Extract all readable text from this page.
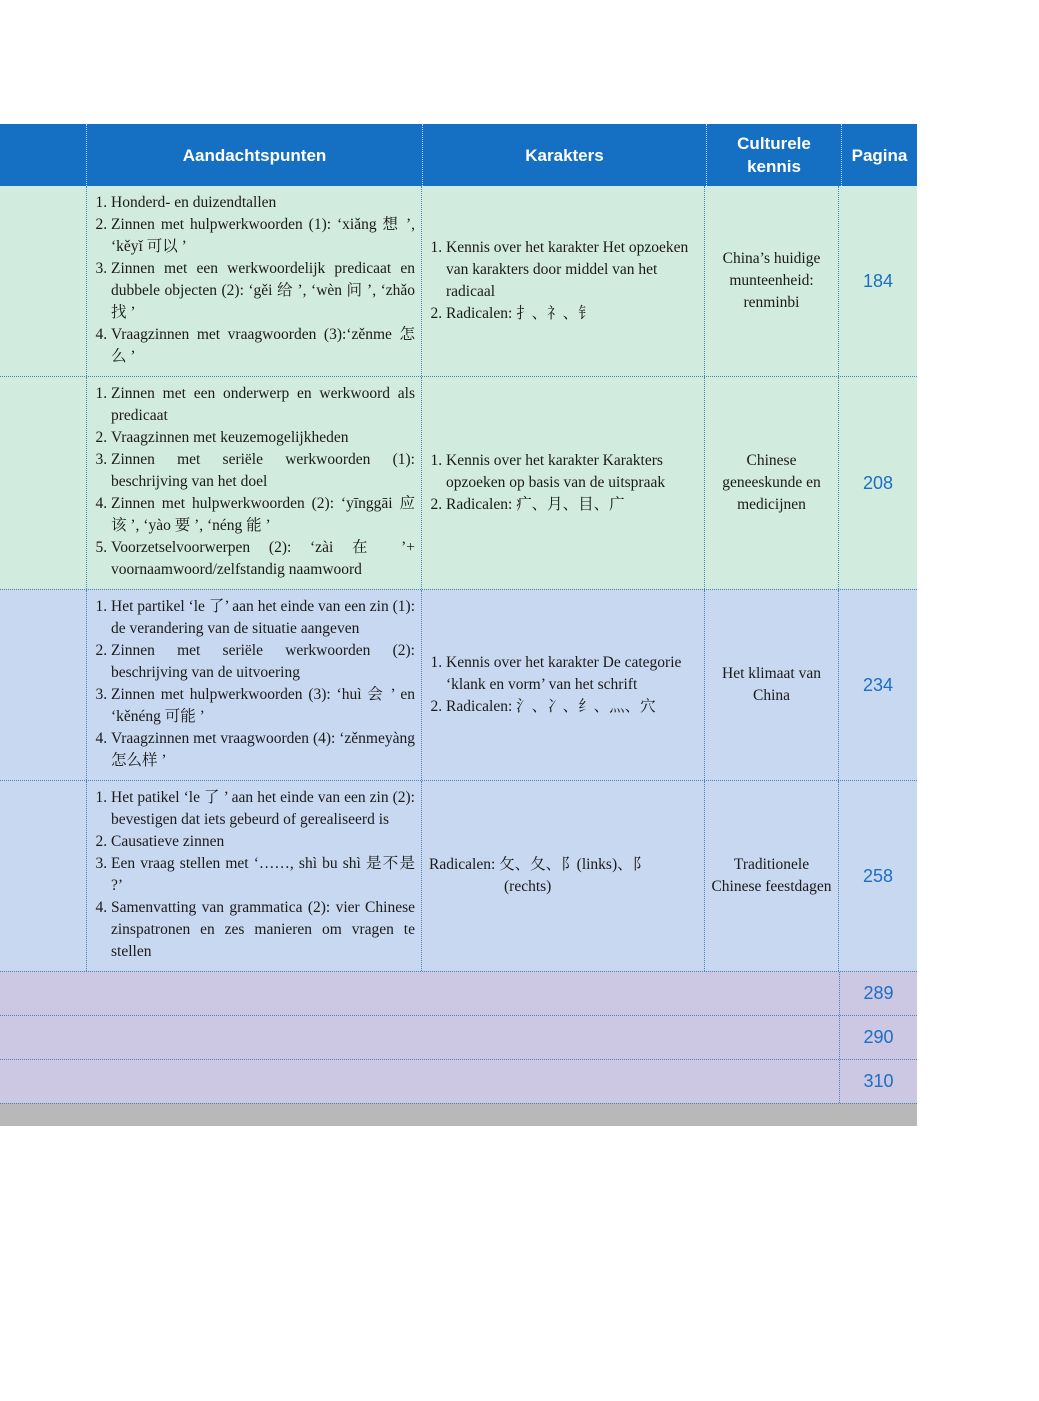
Aandachtspunten	Karakters
Culturele
kennis
Pagina
1. Honderd- en duizendtallen
2. Zinnen met hulpwerkwoorden (1): ‘xiǎng 想 ’, ‘kěyǐ 可以 ’
3. Zinnen met een werkwoordelijk predicaat en dubbele objecten (2): ‘gěi 给 ’, ‘wèn 问 ’, ‘zhǎo 找 ’
4. Vraagzinnen met vraagwoorden (3):‘zěnme 怎么 ’
1. Kennis over het karakter Het opzoeken van karakters door middel van het radicaal
2. Radicalen: 扌、礻、钅
China’s huidige munteenheid: renminbi
184
1. Zinnen met een onderwerp en werkwoord als predicaat
2. Vraagzinnen met keuzemogelijkheden
3. Zinnen met seriële werkwoorden (1): beschrijving van het doel
4. Zinnen met hulpwerkwoorden (2): ‘yīnggāi 应该 ’, ‘yào 要 ’, ‘néng 能 ’
5. Voorzetselvoorwerpen (2): ‘zài 在 ’+ voornaamwoord/zelfstandig naamwoord
1. Kennis over het karakter Karakters opzoeken op basis van de uitspraak
2. Radicalen: 疒、月、目、广
Chinese geneeskunde en medicijnen
208
1. Het partikel ‘le 了’ aan het einde van een zin (1): de verandering van de situatie aangeven
2. Zinnen met seriële werkwoorden (2): beschrijving van de uitvoering
3. Zinnen met hulpwerkwoorden (3): ‘huì 会 ’ en ‘kěnéng 可能 ’
4. Vraagzinnen met vraagwoorden (4): ‘zěnmeyàng 怎么样 ’
1. Kennis over het karakter De categorie ‘klank en vorm’ van het schrift
2. Radicalen: 氵、冫、纟、灬、穴
Het klimaat van China
234
1. Het patikel ‘le 了 ’ aan het einde van een zin (2): bevestigen dat iets gebeurd of gerealiseerd is
2. Causatieve zinnen
3. Een vraag stellen met ‘……, shì bu shì 是不是 ?’
4. Samenvatting van grammatica (2): vier Chinese zinspatronen en zes manieren om vragen te stellen
Radicalen: 攵、夂、阝(links)、阝
(rechts)
Traditionele Chinese feestdagen
258
289
290
310
